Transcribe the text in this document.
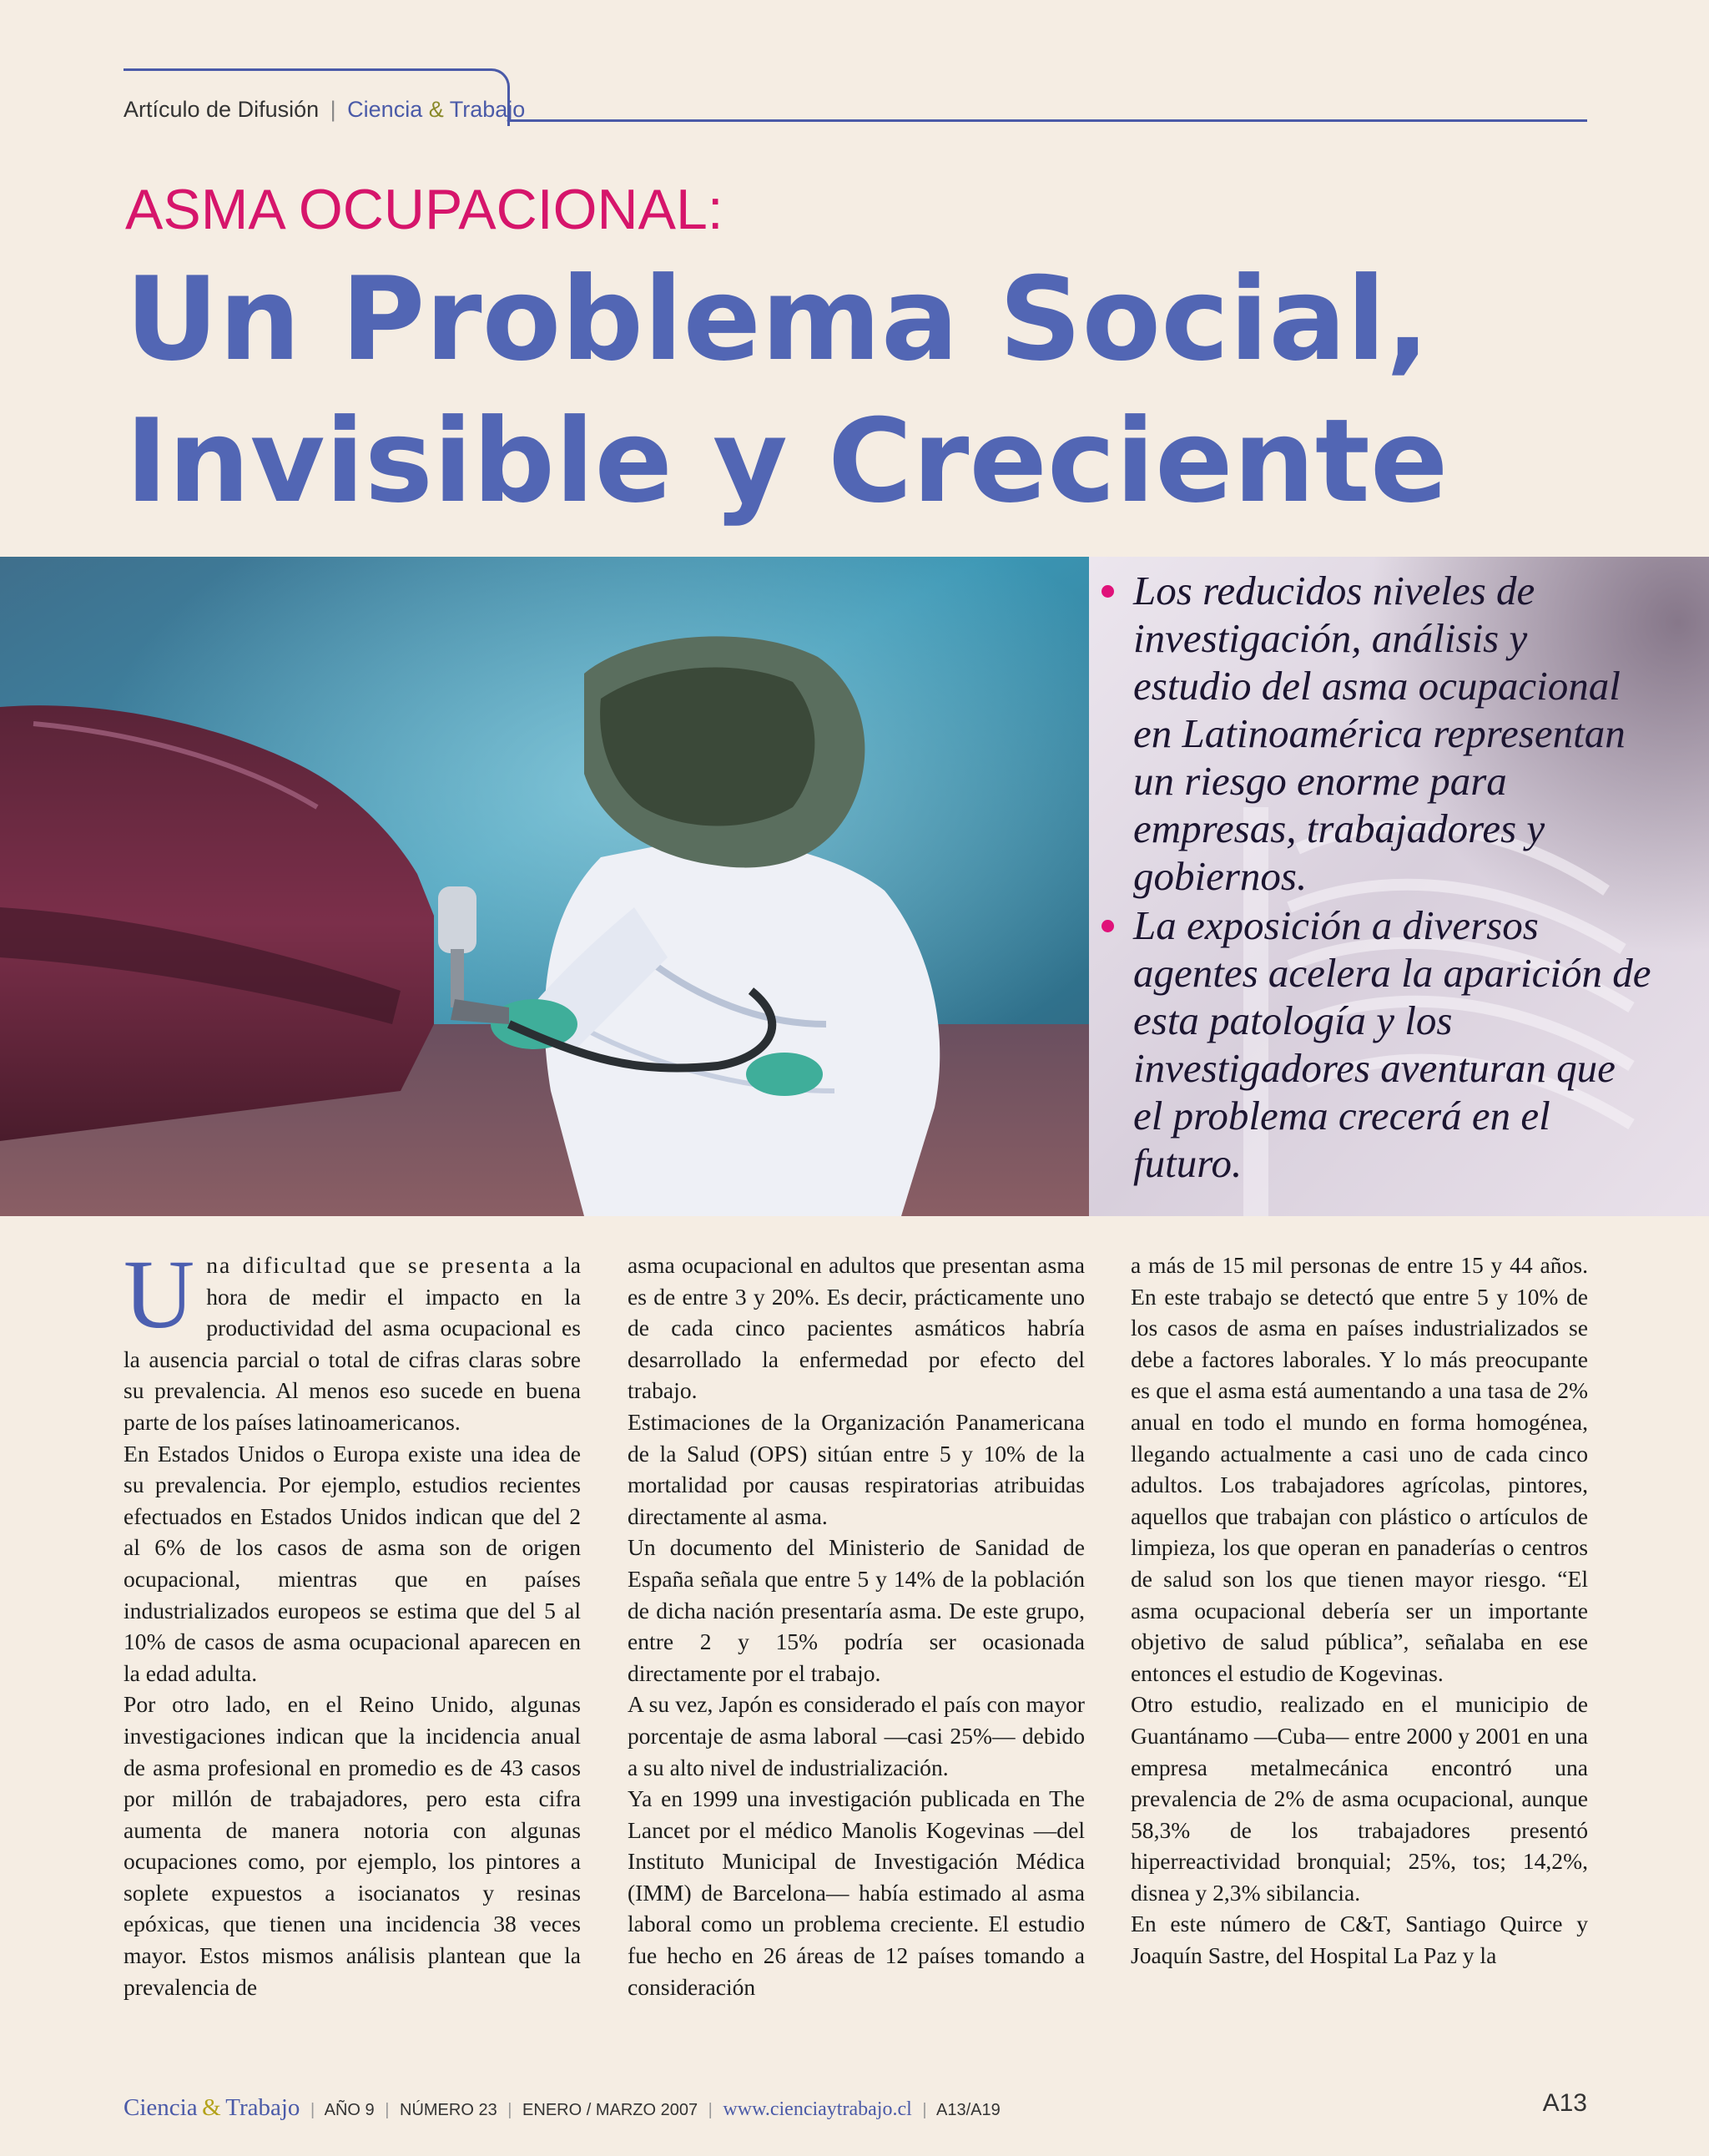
Artículo de Difusión | Ciencia & Trabajo
ASMA OCUPACIONAL:
Un Problema Social,
Invisible y Creciente

Los reducidos niveles de investigación, análisis y estudio del asma ocupacional en Latinoamérica representan un riesgo enorme para empresas, trabajadores y gobiernos.

La exposición a diversos agentes acelera la aparición de esta patología y los investigadores aventuran que el problema crecerá en el futuro.

U na dificultad que se presenta a la hora de medir el impacto en la productividad del asma ocupacional es la ausencia parcial o total de cifras claras sobre su prevalencia. Al menos eso sucede en buena parte de los países latinoamericanos.

En Estados Unidos o Europa existe una idea de su prevalencia. Por ejemplo, estudios recientes efectuados en Estados Unidos indican que del 2 al 6% de los casos de asma son de origen ocupacional, mientras que en países industrializados europeos se estima que del 5 al 10% de casos de asma ocupacional aparecen en la edad adulta.

Por otro lado, en el Reino Unido, algunas investigaciones indican que la incidencia anual de asma profesional en promedio es de 43 casos por millón de trabajadores, pero esta cifra aumenta de manera notoria con algunas ocupaciones como, por ejemplo, los pintores a soplete expuestos a isocianatos y resinas epóxicas, que tienen una incidencia 38 veces mayor. Estos mismos análisis plantean que la prevalencia de

asma ocupacional en adultos que presentan asma es de entre 3 y 20%. Es decir, prácticamente uno de cada cinco pacientes asmáticos habría desarrollado la enfermedad por efecto del trabajo.

Estimaciones de la Organización Panamericana de la Salud (OPS) sitúan entre 5 y 10% de la mortalidad por causas respiratorias atribuidas directamente al asma.

Un documento del Ministerio de Sanidad de España señala que entre 5 y 14% de la población de dicha nación presentaría asma. De este grupo, entre 2 y 15% podría ser ocasionada directamente por el trabajo.

A su vez, Japón es considerado el país con mayor porcentaje de asma laboral —casi 25%— debido a su alto nivel de industrialización.

Ya en 1999 una investigación publicada en The Lancet por el médico Manolis Kogevinas —del Instituto Municipal de Investigación Médica (IMM) de Barcelona— había estimado al asma laboral como un problema creciente. El estudio fue hecho en 26 áreas de 12 países tomando a consideración

a más de 15 mil personas de entre 15 y 44 años. En este trabajo se detectó que entre 5 y 10% de los casos de asma en países industrializados se debe a factores laborales. Y lo más preocupante es que el asma está aumentando a una tasa de 2% anual en todo el mundo en forma homogénea, llegando actualmente a casi uno de cada cinco adultos. Los trabajadores agrícolas, pintores, aquellos que trabajan con plástico o artículos de limpieza, los que operan en panaderías o centros de salud son los que tienen mayor riesgo. “El asma ocupacional debería ser un importante objetivo de salud pública”, señalaba en ese entonces el estudio de Kogevinas.

Otro estudio, realizado en el municipio de Guantánamo —Cuba— entre 2000 y 2001 en una empresa metalmecánica encontró una prevalencia de 2% de asma ocupacional, aunque 58,3% de los trabajadores presentó hiperreactividad bronquial; 25%, tos; 14,2%, disnea y 2,3% sibilancia.

En este número de C&T, Santiago Quirce y Joaquín Sastre, del Hospital La Paz y la

Ciencia & Trabajo | AÑO 9 | NÚMERO 23 | ENERO / MARZO 2007 | www.cienciaytrabajo.cl | A13/A19	A13
